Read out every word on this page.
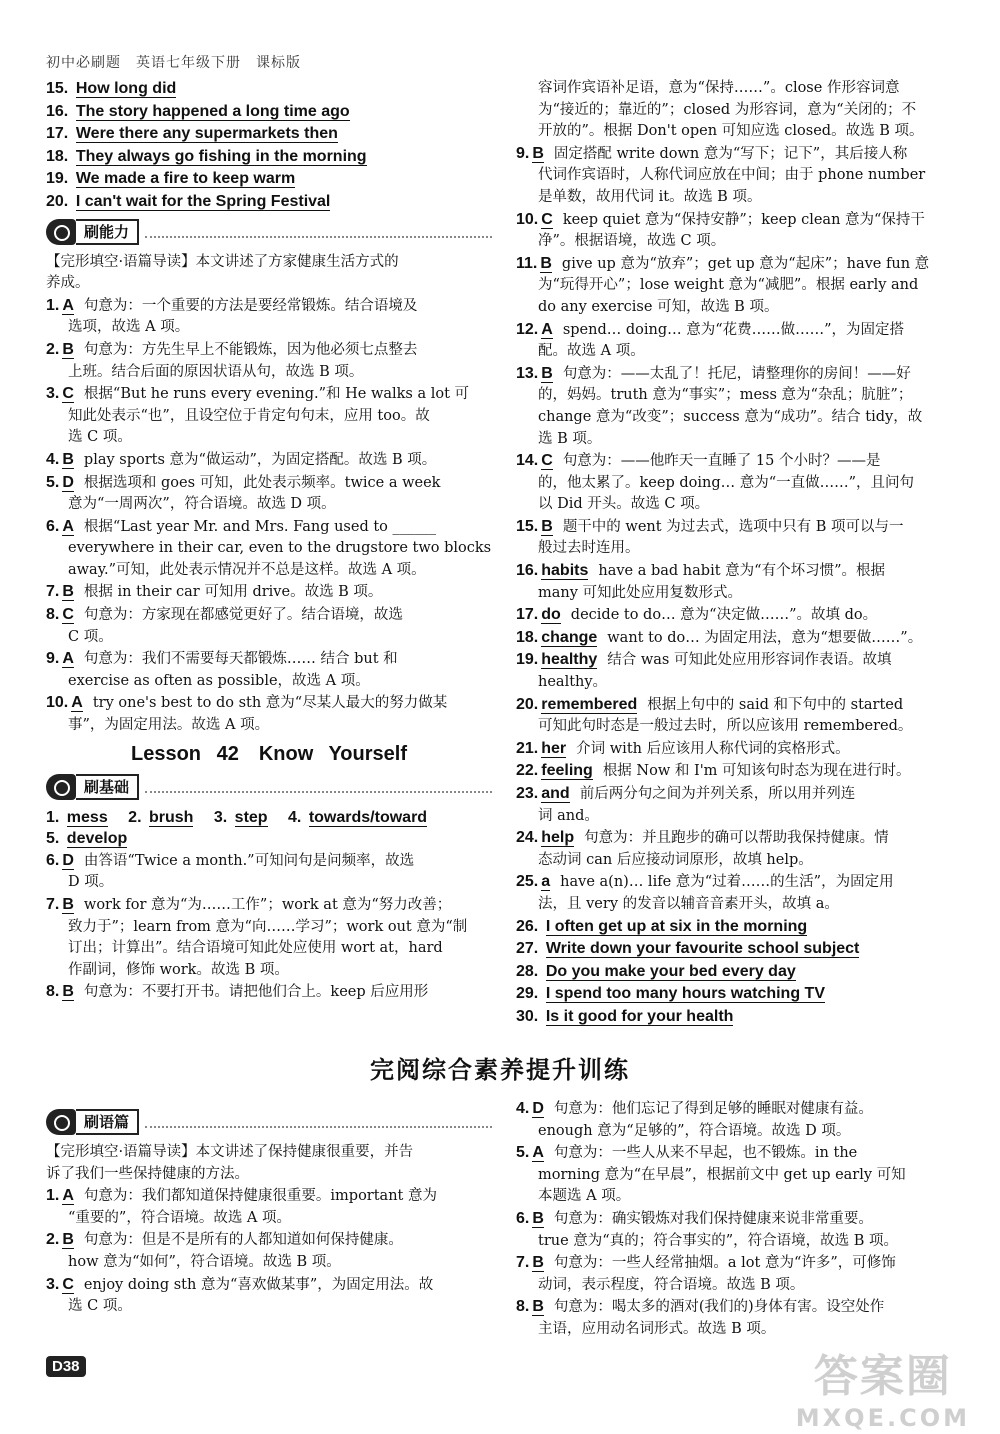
初中必刷题　英语七年级下册　课标版
15. How long did
16. The story happened a long time ago
17. Were there any supermarkets then
18. They always go fishing in the morning
19. We made a fire to keep warm
20. I can't wait for the Spring Festival
刷能力
【完形填空·语篇导读】本文讲述了方家健康生活方式的
养成。
1. A 句意为：一个重要的方法是要经常锻炼。结合语境及
选项，故选 A 项。
2. B 句意为：方先生早上不能锻炼，因为他必须七点整去
上班。结合后面的原因状语从句，故选 B 项。
3. C 根据“But he runs every evening.”和 He walks a lot 可
知此处表示“也”，且设空位于肯定句句末，应用 too。故
选 C 项。
4. B play sports 意为“做运动”，为固定搭配。故选 B 项。
5. D 根据选项和 goes 可知，此处表示频率。twice a week
意为“一周两次”，符合语境。故选 D 项。
6. A 根据“Last year Mr. and Mrs. Fang used to ______
everywhere in their car, even to the drugstore two blocks
away.”可知，此处表示情况并不总是这样。故选 A 项。
7. B 根据 in their car 可知用 drive。故选 B 项。
8. C 句意为：方家现在都感觉更好了。结合语境，故选
C 项。
9. A 句意为：我们不需要每天都锻炼…… 结合 but 和
exercise as often as possible，故选 A 项。
10. A try one's best to do sth 意为“尽某人最大的努力做某
事”，为固定用法。故选 A 项。
Lesson 42　Know Yourself
刷基础
1. mess 2. brush 3. step 4. towards/toward
5. develop
6. D 由答语“Twice a month.”可知问句是问频率，故选
D 项。
7. B work for 意为“为……工作”；work at 意为“努力改善；
致力于”；learn from 意为“向……学习”；work out 意为“制
订出；计算出”。结合语境可知此处应使用 wort at，hard
作副词，修饰 work。故选 B 项。
8. B 句意为：不要打开书。请把他们合上。keep 后应用形
容词作宾语补足语，意为“保持……”。close 作形容词意
为“接近的；靠近的”；closed 为形容词，意为“关闭的；不
开放的”。根据 Don't open 可知应选 closed。故选 B 项。
9. B 固定搭配 write down 意为“写下；记下”，其后接人称
代词作宾语时，人称代词应放在中间；由于 phone number
是单数，故用代词 it。故选 B 项。
10. C keep quiet 意为“保持安静”；keep clean 意为“保持干
净”。根据语境，故选 C 项。
11. B give up 意为“放弃”；get up 意为“起床”；have fun 意
为“玩得开心”；lose weight 意为“减肥”。根据 early and
do any exercise 可知，故选 B 项。
12. A spend… doing… 意为“花费……做……”，为固定搭
配。故选 A 项。
13. B 句意为：——太乱了！托尼，请整理你的房间！——好
的，妈妈。truth 意为“事实”；mess 意为“杂乱；肮脏”；
change 意为“改变”；success 意为“成功”。结合 tidy，故
选 B 项。
14. C 句意为：——他昨天一直睡了 15 个小时？——是
的，他太累了。keep doing… 意为“一直做……”，且问句
以 Did 开头。故选 C 项。
15. B 题干中的 went 为过去式，选项中只有 B 项可以与一
般过去时连用。
16. habits have a bad habit 意为“有个坏习惯”。根据
many 可知此处应用复数形式。
17. do decide to do… 意为“决定做……”。故填 do。
18. change want to do… 为固定用法，意为“想要做……”。
19. healthy 结合 was 可知此处应用形容词作表语。故填
healthy。
20. remembered 根据上句中的 said 和下句中的 started
可知此句时态是一般过去时，所以应该用 remembered。
21. her 介词 with 后应该用人称代词的宾格形式。
22. feeling 根据 Now 和 I'm 可知该句时态为现在进行时。
23. and 前后两分句之间为并列关系，所以用并列连
词 and。
24. help 句意为：并且跑步的确可以帮助我保持健康。情
态动词 can 后应接动词原形，故填 help。
25. a have a(n)… life 意为“过着……的生活”，为固定用
法，且 very 的发音以辅音音素开头，故填 a。
26. I often get up at six in the morning
27. Write down your favourite school subject
28. Do you make your bed every day
29. I spend too many hours watching TV
30. Is it good for your health
完阅综合素养提升训练
刷语篇
【完形填空·语篇导读】本文讲述了保持健康很重要，并告
诉了我们一些保持健康的方法。
1. A 句意为：我们都知道保持健康很重要。important 意为
“重要的”，符合语境。故选 A 项。
2. B 句意为：但是不是所有的人都知道如何保持健康。
how 意为“如何”，符合语境。故选 B 项。
3. C enjoy doing sth 意为“喜欢做某事”，为固定用法。故
选 C 项。
4. D 句意为：他们忘记了得到足够的睡眠对健康有益。
enough 意为“足够的”，符合语境。故选 D 项。
5. A 句意为：一些人从来不早起，也不锻炼。in the
morning 意为“在早晨”，根据前文中 get up early 可知
本题选 A 项。
6. B 句意为：确实锻炼对我们保持健康来说非常重要。
true 意为“真的；符合事实的”，符合语境，故选 B 项。
7. B 句意为：一些人经常抽烟。a lot 意为“许多”，可修饰
动词，表示程度，符合语境。故选 B 项。
8. B 句意为：喝太多的酒对(我们的)身体有害。设空处作
主语，应用动名词形式。故选 B 项。
D38	答案圈
MXQE.COM
